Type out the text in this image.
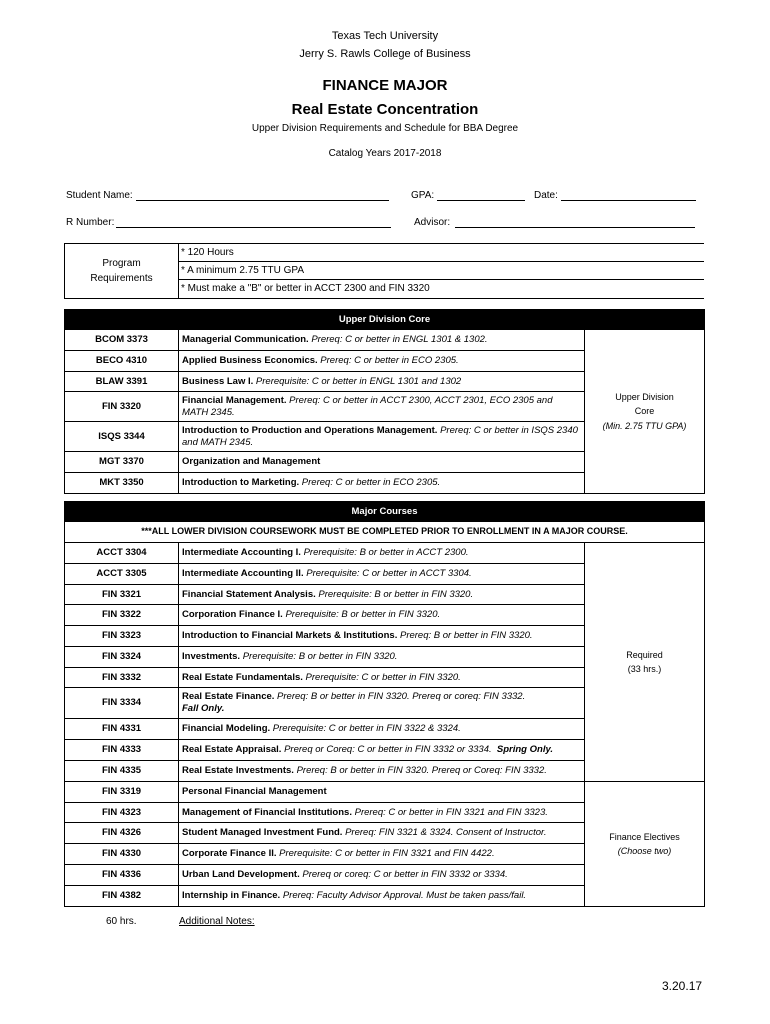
Texas Tech University
Jerry S. Rawls College of Business
FINANCE MAJOR
Real Estate Concentration
Upper Division Requirements and Schedule for BBA Degree
Catalog Years 2017-2018
Student Name:	GPA:	Date:
R Number:	Advisor:
Program
Requirements
* 120 Hours
* A minimum 2.75 TTU GPA
* Must make a "B" or better in ACCT 2300 and FIN 3320
Upper Division Core		
BCOM 3373	Managerial Communication. Prereq: C or better in ENGL 1301 & 1302.	Upper Division
Core
(Min. 2.75 TTU GPA)
BECO 4310	Applied Business Economics. Prereq: C or better in ECO 2305.	
BLAW 3391	Business Law I. Prerequisite: C or better in ENGL 1301 and 1302	
FIN 3320	Financial Management. Prereq: C or better in ACCT 2300, ACCT 2301, ECO 2305 and MATH 2345.	
ISQS 3344	Introduction to Production and Operations Management. Prereq: C or better in ISQS 2340 and MATH 2345.	
MGT 3370	Organization and Management	
MKT 3350	Introduction to Marketing. Prereq: C or better in ECO 2305.	
Major Courses		
***ALL LOWER DIVISION COURSEWORK MUST BE COMPLETED PRIOR TO ENROLLMENT IN A MAJOR COURSE.		
ACCT 3304	Intermediate Accounting I. Prerequisite: B or better in ACCT 2300.	Required
(33 hrs.)
ACCT 3305	Intermediate Accounting II. Prerequisite: C or better in ACCT 3304.	
FIN 3321	Financial Statement Analysis. Prerequisite: B or better in FIN 3320.	
FIN 3322	Corporation Finance I. Prerequisite: B or better in FIN 3320.	
FIN 3323	Introduction to Financial Markets & Institutions. Prereq: B or better in FIN 3320.	
FIN 3324	Investments. Prerequisite: B or better in FIN 3320.	
FIN 3332	Real Estate Fundamentals. Prerequisite: C or better in FIN 3320.	
FIN 3334	Real Estate Finance. Prereq: B or better in FIN 3320. Prereq or coreq: FIN 3332.
Fall Only.	
FIN 4331	Financial Modeling. Prerequisite: C or better in FIN 3322 & 3324.	
FIN 4333	Real Estate Appraisal. Prereq or Coreq: C or better in FIN 3332 or 3334. Spring Only.	
FIN 4335	Real Estate Investments. Prereq: B or better in FIN 3320. Prereq or Coreq: FIN 3332.	
FIN 3319	Personal Financial Management	Finance Electives
(Choose two)
FIN 4323	Management of Financial Institutions. Prereq: C or better in FIN 3321 and FIN 3323.	
FIN 4326	Student Managed Investment Fund. Prereq: FIN 3321 & 3324. Consent of Instructor.	
FIN 4330	Corporate Finance II. Prerequisite: C or better in FIN 3321 and FIN 4422.	
FIN 4336	Urban Land Development. Prereq or coreq: C or better in FIN 3332 or 3334.	
FIN 4382	Internship in Finance. Prereq: Faculty Advisor Approval. Must be taken pass/fail.	
60 hrs.	Additional Notes:
3.20.17
